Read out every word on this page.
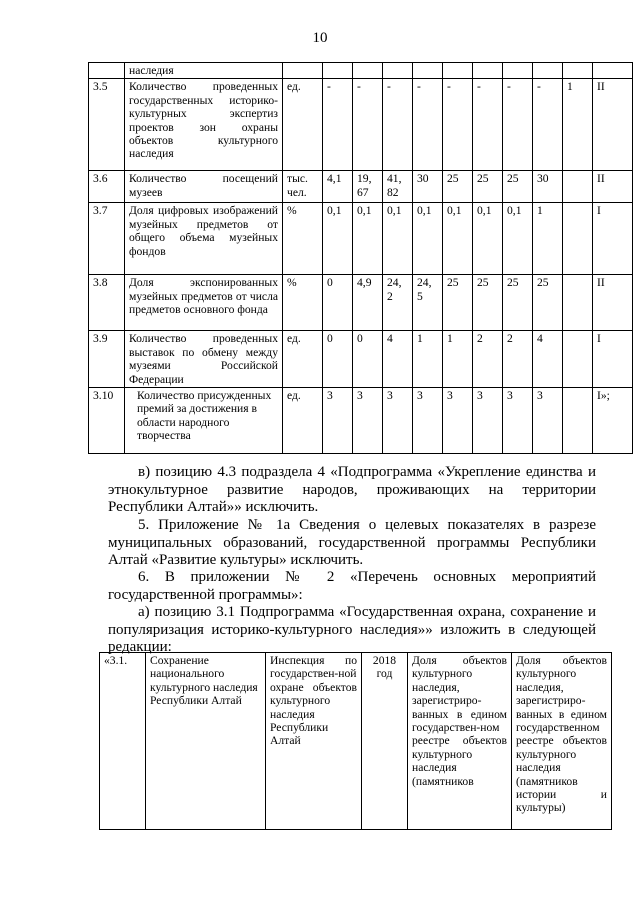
10
	наследия											
3.5	Количество проведенных государственных историко-культурных экспертиз проектов зон охраны объектов культурного наследия	ед.	-	-	-	-	-	-	-	-	1	II
3.6	Количество посещений музеев	тыс. чел.	4,1	19, 67	41, 82	30	25	25	25	30		II
3.7	Доля цифровых изображений музейных предметов от общего объема музейных фондов	%	0,1	0,1	0,1	0,1	0,1	0,1	0,1	1		I
3.8	Доля экспонированных музейных предметов от числа предметов основного фонда	%	0	4,9	24, 2	24, 5	25	25	25	25		II
3.9	Количество проведенных выставок по обмену между музеями Российской Федерации	ед.	0	0	4	1	1	2	2	4		I
3.10	Количество присужденных премий за достижения в области народного творчества	ед.	3	3	3	3	3	3	3	3		I»;
в) позицию 4.3 подраздела 4 «Подпрограмма «Укрепление единства и этнокультурное развитие народов, проживающих на территории Республики Алтай»» исключить.
5. Приложение № 1а Сведения о целевых показателях в разрезе муниципальных образований, государственной программы Республики Алтай «Развитие культуры» исключить.
6. В приложении № 2 «Перечень основных мероприятий государственной программы»:
а) позицию 3.1 Подпрограмма «Государственная охрана, сохранение и популяризация историко-культурного наследия»» изложить в следующей редакции:
«3.1.	Сохранение национального культурного наследия Республики Алтай	Инспекция по государствен-ной охране объектов культурного наследия Республики Алтай	2018 год	Доля объектов культурного наследия, зарегистриро-ванных в едином государствен-ном реестре объектов культурного наследия (памятников	Доля объектов культурного наследия, зарегистриро-ванных в едином государственном реестре объектов культурного наследия (памятников истории и культуры)
